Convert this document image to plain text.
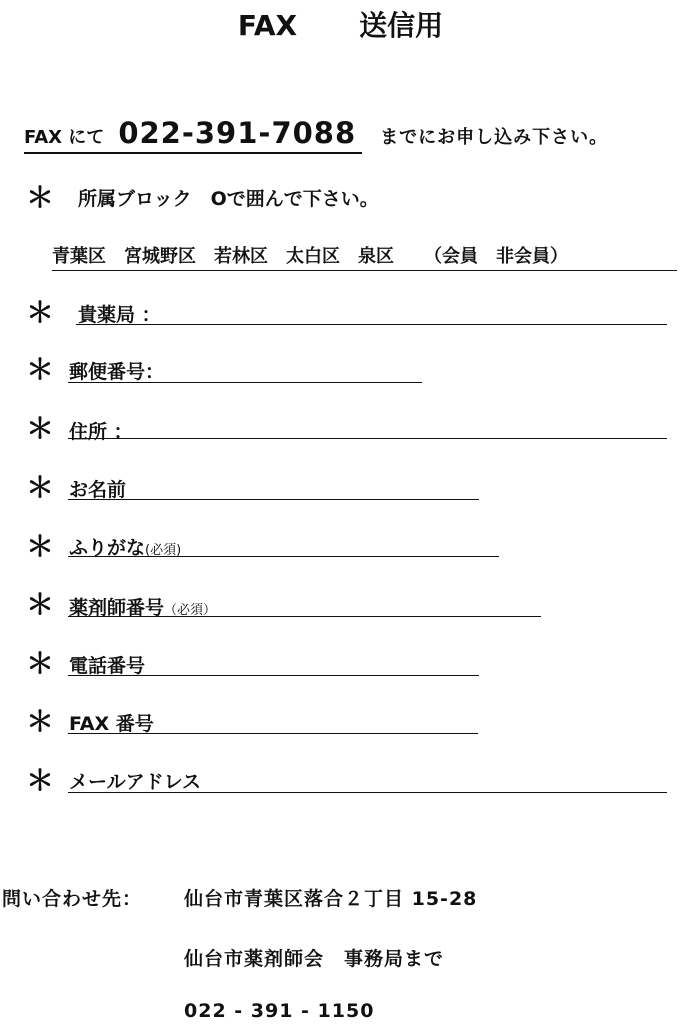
FAX 送信用
FAX にて 022-391-7088 までにお申し込み下さい。
＊ 所属ブロック　Oで囲んで下さい。
青葉区 宮城野区 若林区 太白区 泉区 （会員 非会員）
＊ 貴薬局 ：
＊ 郵便番号：
＊ 住所 ：
＊ お名前
＊ ふりがな(必須)
＊ 薬剤師番号（必須）
＊ 電話番号
＊ FAX 番号
＊ メールアドレス
問い合わせ先： 仙台市青葉区落合２丁目 15-28
仙台市薬剤師会　事務局まで
022 - 391 - 1150
